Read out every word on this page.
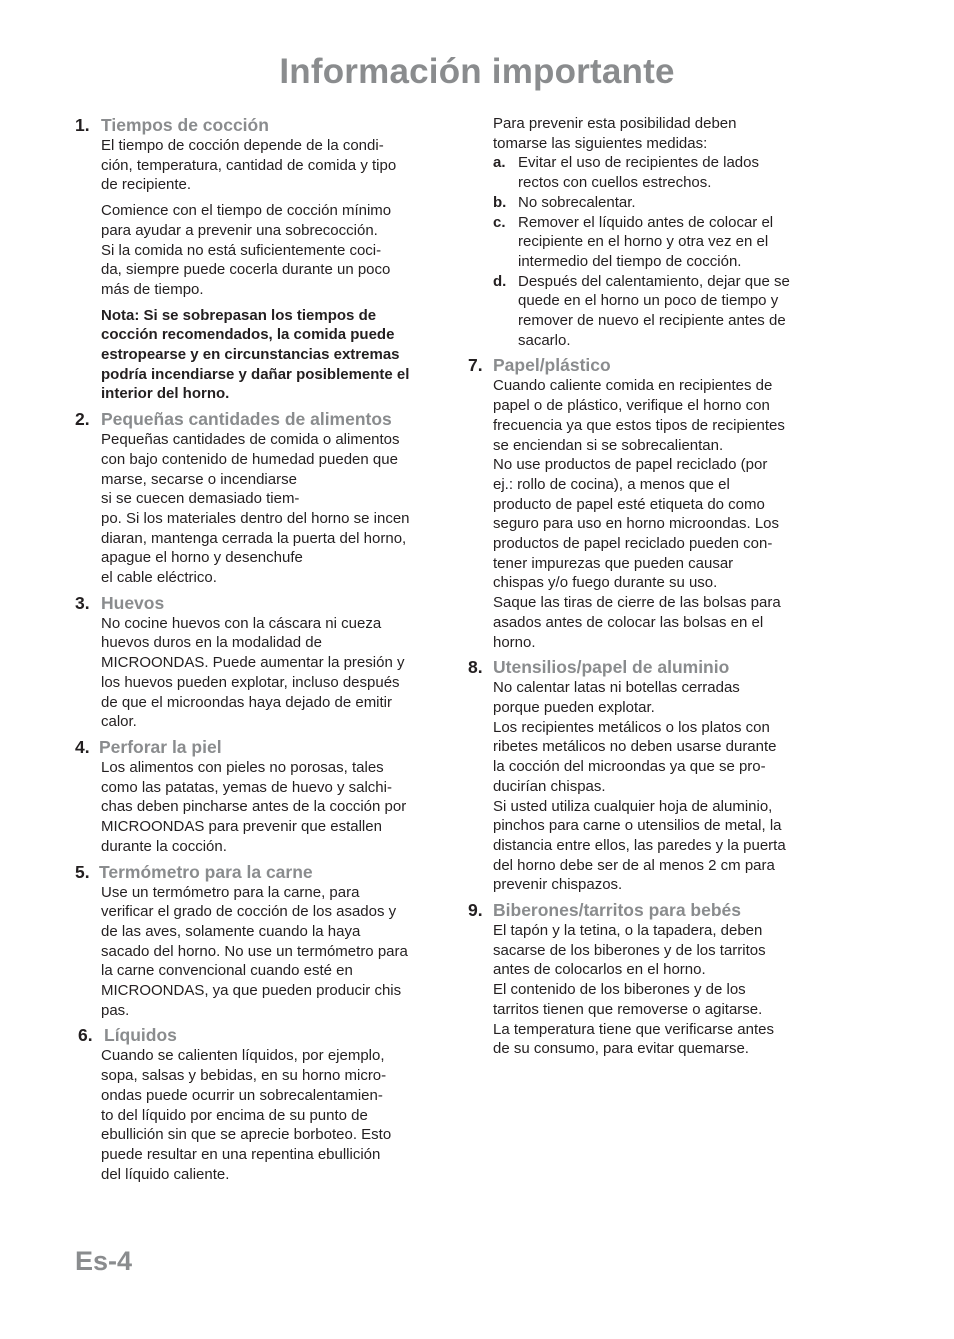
Información importante

1. Tiempos de cocción

El tiempo de cocción depende de la condi-

ción, temperatura, cantidad de comida y tipo

de recipiente.

Comience con el tiempo de cocción mínimo

para ayudar a prevenir una sobrecocción.

Si la comida no está suficientemente coci-

da, siempre puede cocerla durante un poco

más de tiempo.

Nota: Si se sobrepasan los tiempos de

cocción recomendados, la comida puede

estropearse y en circunstancias extremas

podría incendiarse y dañar posiblemente el

interior del horno.

2. Pequeñas cantidades de alimentos

Pequeñas cantidades de comida o alimentos

con bajo contenido de humedad pueden que

marse, secarse o incendiarse

si se cuecen demasiado tiem-

po. Si los materiales dentro del horno se incen

diaran, mantenga cerrada la puerta del horno,

apague el horno y desenchufe

el cable eléctrico.

3. Huevos

No cocine huevos con la cáscara ni cueza

huevos duros en la modalidad de

MICROONDAS. Puede aumentar la presión y

los huevos pueden explotar, incluso después

de que el microondas haya dejado de emitir

calor.

4. Perforar la piel

Los alimentos con pieles no porosas, tales

como las patatas, yemas de huevo y salchi-

chas deben pincharse antes de la cocción por

MICROONDAS para prevenir que estallen

durante la cocción.

5. Termómetro para la carne

Use un termómetro para la carne, para

verificar el grado de cocción de los asados y

de las aves, solamente cuando la haya

sacado del horno. No use un termómetro para

la carne convencional cuando esté en

MICROONDAS, ya que pueden producir chis

pas.

6. Líquidos

Cuando se calienten líquidos, por ejemplo,

sopa, salsas y bebidas, en su horno micro-

ondas puede ocurrir un sobrecalentamien-

to del líquido por encima de su punto de

ebullición sin que se aprecie borboteo. Esto

puede resultar en una repentina ebullición

del líquido caliente.

Para prevenir esta posibilidad deben

tomarse las siguientes medidas:

a. Evitar el uso de recipientes de lados

rectos con cuellos estrechos.

b. No sobrecalentar.

c. Remover el líquido antes de colocar el

recipiente en el horno y otra vez en el

intermedio del tiempo de cocción.

d. Después del calentamiento, dejar que se

quede en el horno un poco de tiempo y

remover de nuevo el recipiente antes de

sacarlo.

7. Papel/plástico

Cuando caliente comida en recipientes de

papel o de plástico, verifique el horno con

frecuencia ya que estos tipos de recipientes

se enciendan si se sobrecalientan.

No use productos de papel reciclado (por

ej.: rollo de cocina), a menos que el

producto de papel esté etiqueta do como

seguro para uso en horno microondas. Los

productos de papel reciclado pueden con-

tener impurezas que pueden causar

chispas y/o fuego durante su uso.

Saque las tiras de cierre de las bolsas para

asados antes de colocar las bolsas en el

horno.

8. Utensilios/papel de aluminio

No calentar latas ni botellas cerradas

porque pueden explotar.

Los recipientes metálicos o los platos con

ribetes metálicos no deben usarse durante

la cocción del microondas ya que se pro-

ducirían chispas.

Si usted utiliza cualquier hoja de aluminio,

pinchos para carne o utensilios de metal, la

distancia entre ellos, las paredes y la puerta

del horno debe ser de al menos 2 cm para

prevenir chispazos.

9. Biberones/tarritos para bebés

El tapón y la tetina, o la tapadera, deben

sacarse de los biberones y de los tarritos

antes de colocarlos en el horno.

El contenido de los biberones y de los

tarritos tienen que removerse o agitarse.

La temperatura tiene que verificarse antes

de su consumo, para evitar quemarse.

Es-4
